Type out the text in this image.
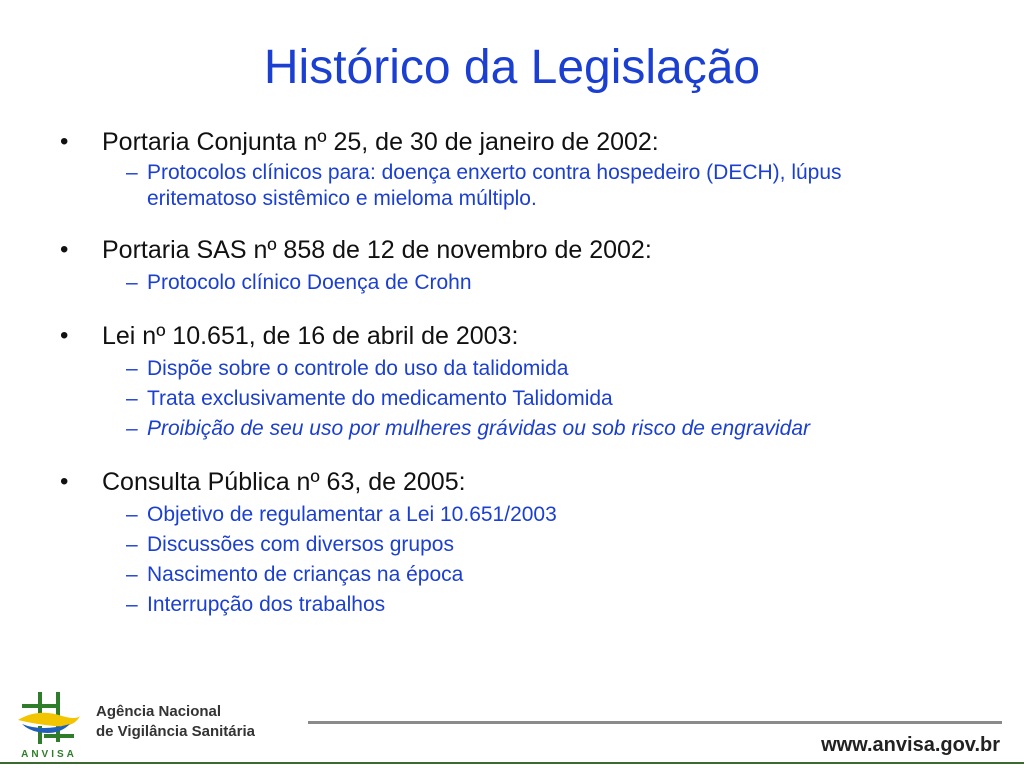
Histórico da Legislação
• Portaria Conjunta nº 25, de 30 de janeiro de 2002:
– Protocolos clínicos para: doença enxerto contra hospedeiro (DECH), lúpus eritematoso sistêmico e mieloma múltiplo.
• Portaria SAS nº 858 de 12 de novembro de 2002:
– Protocolo clínico Doença de Crohn
• Lei nº 10.651, de 16 de abril de 2003:
– Dispõe sobre o controle do uso da talidomida
– Trata exclusivamente do medicamento Talidomida
– Proibição de seu uso por mulheres grávidas ou sob risco de engravidar
• Consulta Pública nº 63, de 2005:
– Objetivo de regulamentar a Lei 10.651/2003
– Discussões com diversos grupos
– Nascimento de crianças na época
– Interrupção dos trabalhos
ANVISA
Agência Nacional
de Vigilância Sanitária
www.anvisa.gov.br
